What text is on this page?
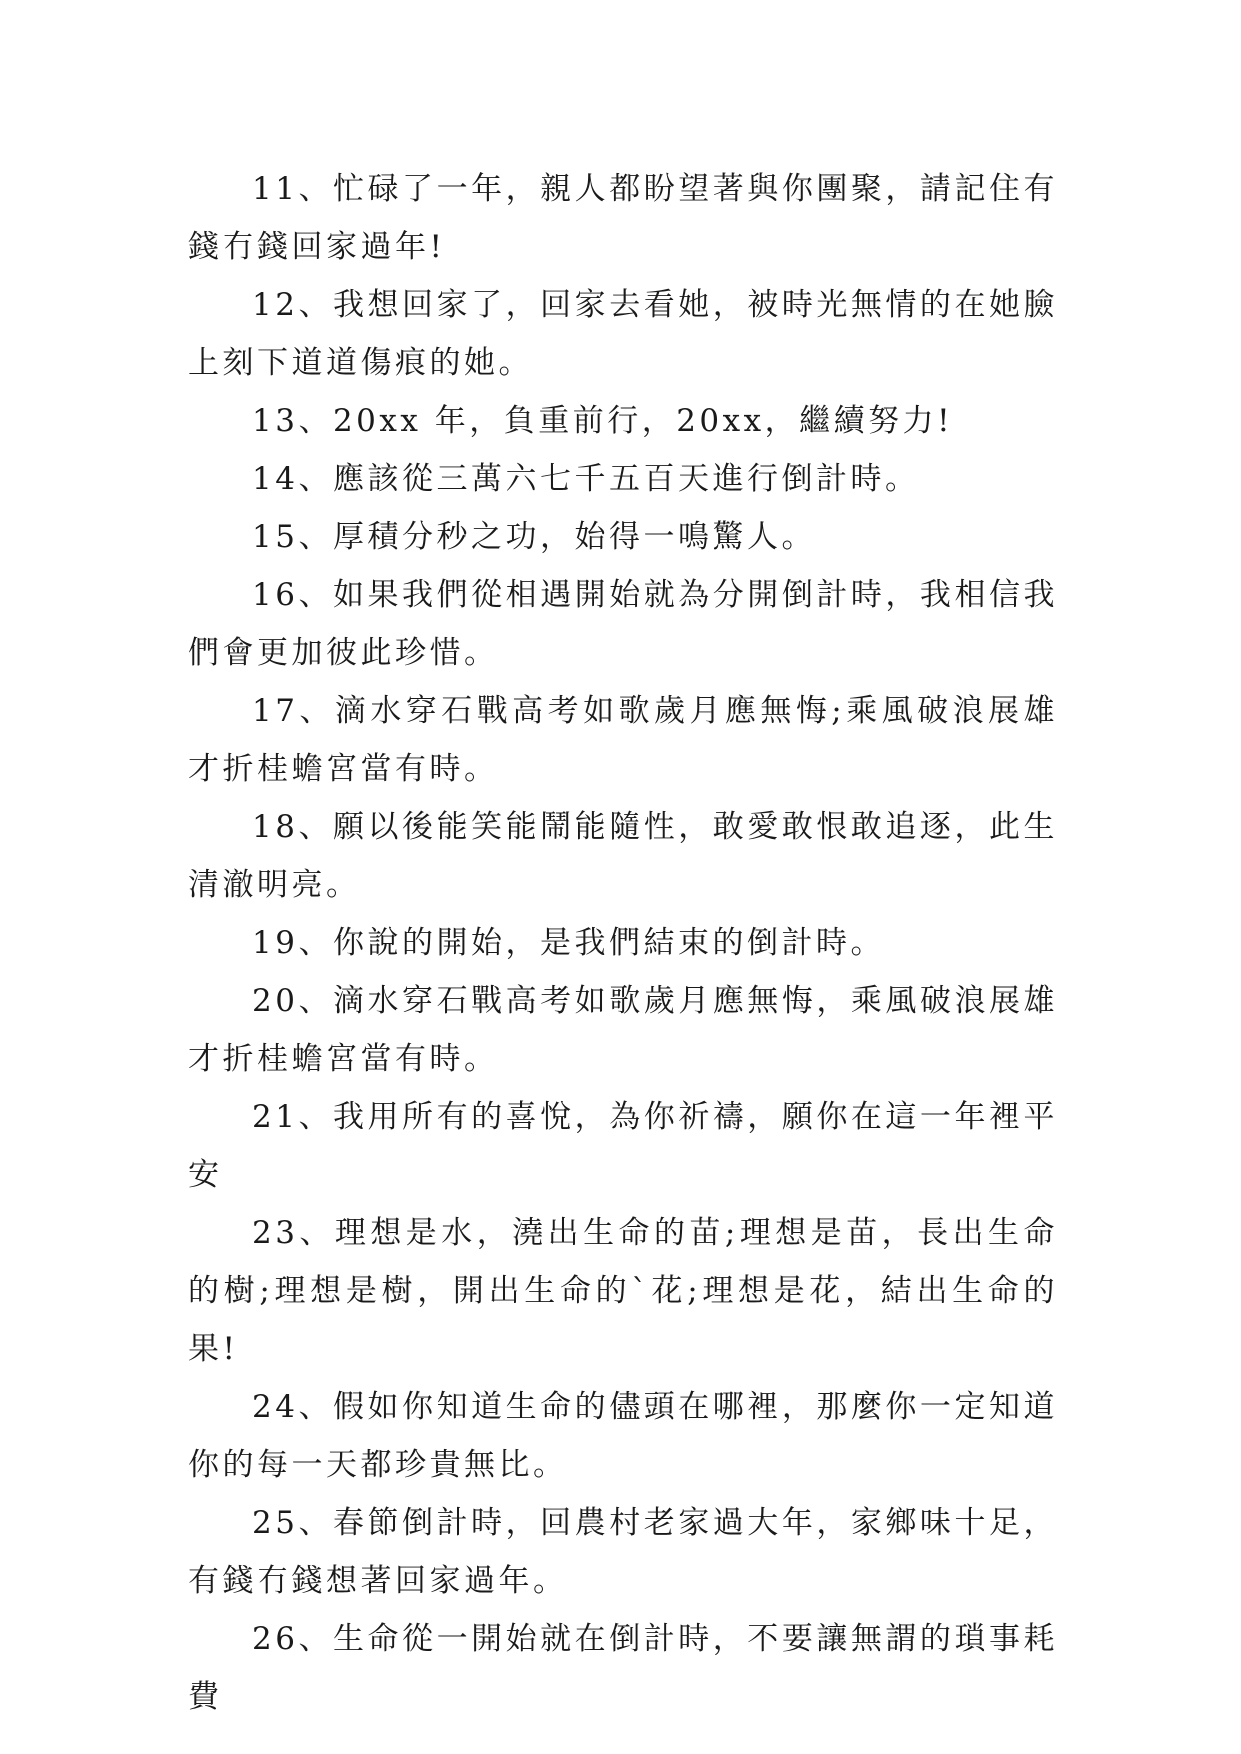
11、忙碌了一年，親人都盼望著與你團聚，請記住有錢冇錢回家過年!

12、我想回家了，回家去看她，被時光無情的在她臉上刻下道道傷痕的她。

13、20xx 年，負重前行，20xx，繼續努力!

14、應該從三萬六七千五百天進行倒計時。

15、厚積分秒之功，始得一鳴驚人。

16、如果我們從相遇開始就為分開倒計時，我相信我們會更加彼此珍惜。

17、滴水穿石戰高考如歌歲月應無悔;乘風破浪展雄才折桂蟾宮當有時。

18、願以後能笑能鬧能隨性，敢愛敢恨敢追逐，此生清澈明亮。

19、你說的開始，是我們結束的倒計時。

20、滴水穿石戰高考如歌歲月應無悔，乘風破浪展雄才折桂蟾宮當有時。

21、我用所有的喜悅，為你祈禱，願你在這一年裡平安

23、理想是水，澆出生命的苗;理想是苗，長出生命的樹;理想是樹，開出生命的`花;理想是花，結出生命的果!

24、假如你知道生命的儘頭在哪裡，那麼你一定知道你的每一天都珍貴無比。

25、春節倒計時，回農村老家過大年，家鄉味十足，有錢冇錢想著回家過年。

26、生命從一開始就在倒計時，不要讓無謂的瑣事耗費
